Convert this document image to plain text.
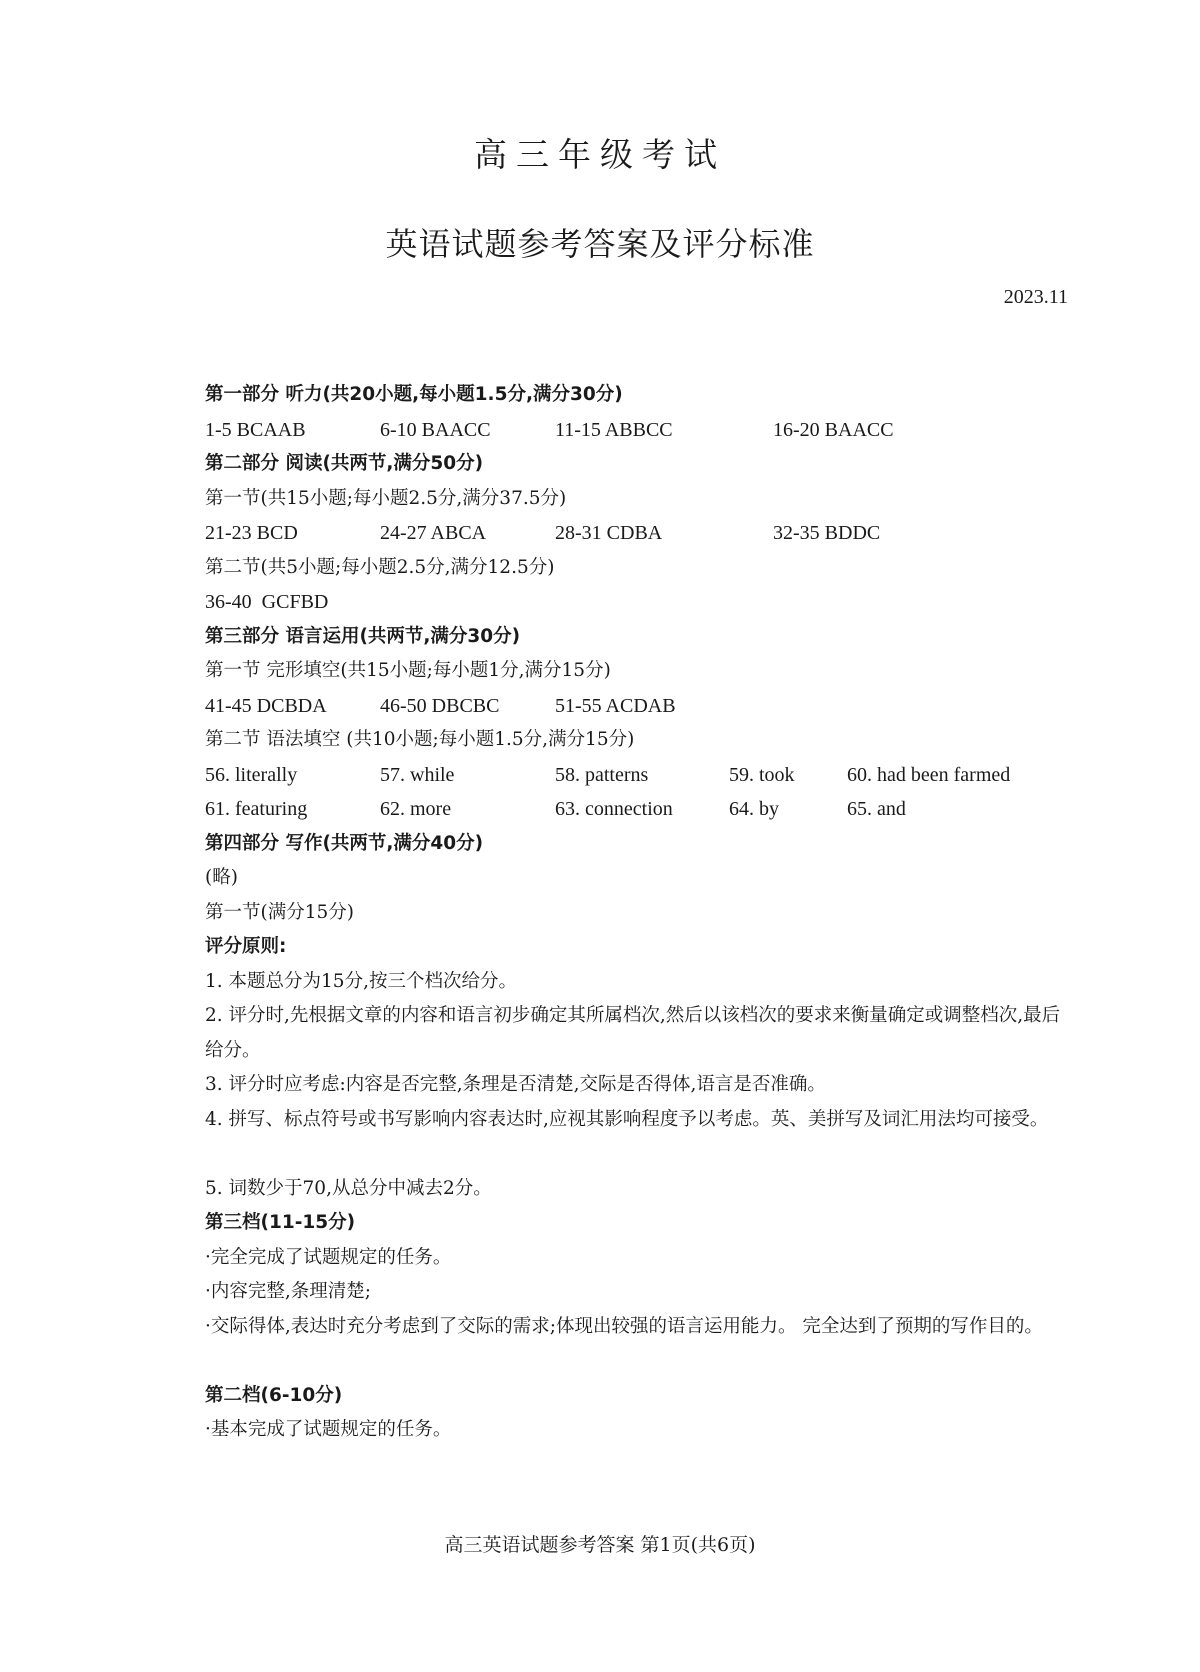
高三年级考试
英语试题参考答案及评分标准
2023.11
第一部分 听力(共20小题,每小题1.5分,满分30分)
1-5 BCAAB	6-10 BAACC	11-15 ABBCC	16-20 BAACC
第二部分 阅读(共两节,满分50分)
第一节(共15小题;每小题2.5分,满分37.5分)
21-23 BCD	24-27 ABCA	28-31 CDBA	32-35 BDDC
第二节(共5小题;每小题2.5分,满分12.5分)
36-40  GCFBD
第三部分 语言运用(共两节,满分30分)
第一节 完形填空(共15小题;每小题1分,满分15分)
41-45 DCBDA	46-50 DBCBC	51-55 ACDAB
第二节 语法填空 (共10小题;每小题1.5分,满分15分)
56. literally	57. while	58. patterns	59. took	60. had been farmed
61. featuring	62. more	63. connection	64. by	65. and
第四部分 写作(共两节,满分40分)
(略)
第一节(满分15分)
评分原则:
1. 本题总分为15分,按三个档次给分。
2. 评分时,先根据文章的内容和语言初步确定其所属档次,然后以该档次的要求来衡量确定或调整档次,最后给分。
3. 评分时应考虑:内容是否完整,条理是否清楚,交际是否得体,语言是否准确。
4. 拼写、标点符号或书写影响内容表达时,应视其影响程度予以考虑。英、美拼写及词汇用法均可接受。
5. 词数少于70,从总分中减去2分。
第三档(11-15分)
·完全完成了试题规定的任务。
·内容完整,条理清楚;
·交际得体,表达时充分考虑到了交际的需求;体现出较强的语言运用能力。 完全达到了预期的写作目的。
第二档(6-10分)
·基本完成了试题规定的任务。
高三英语试题参考答案 第1页(共6页)
